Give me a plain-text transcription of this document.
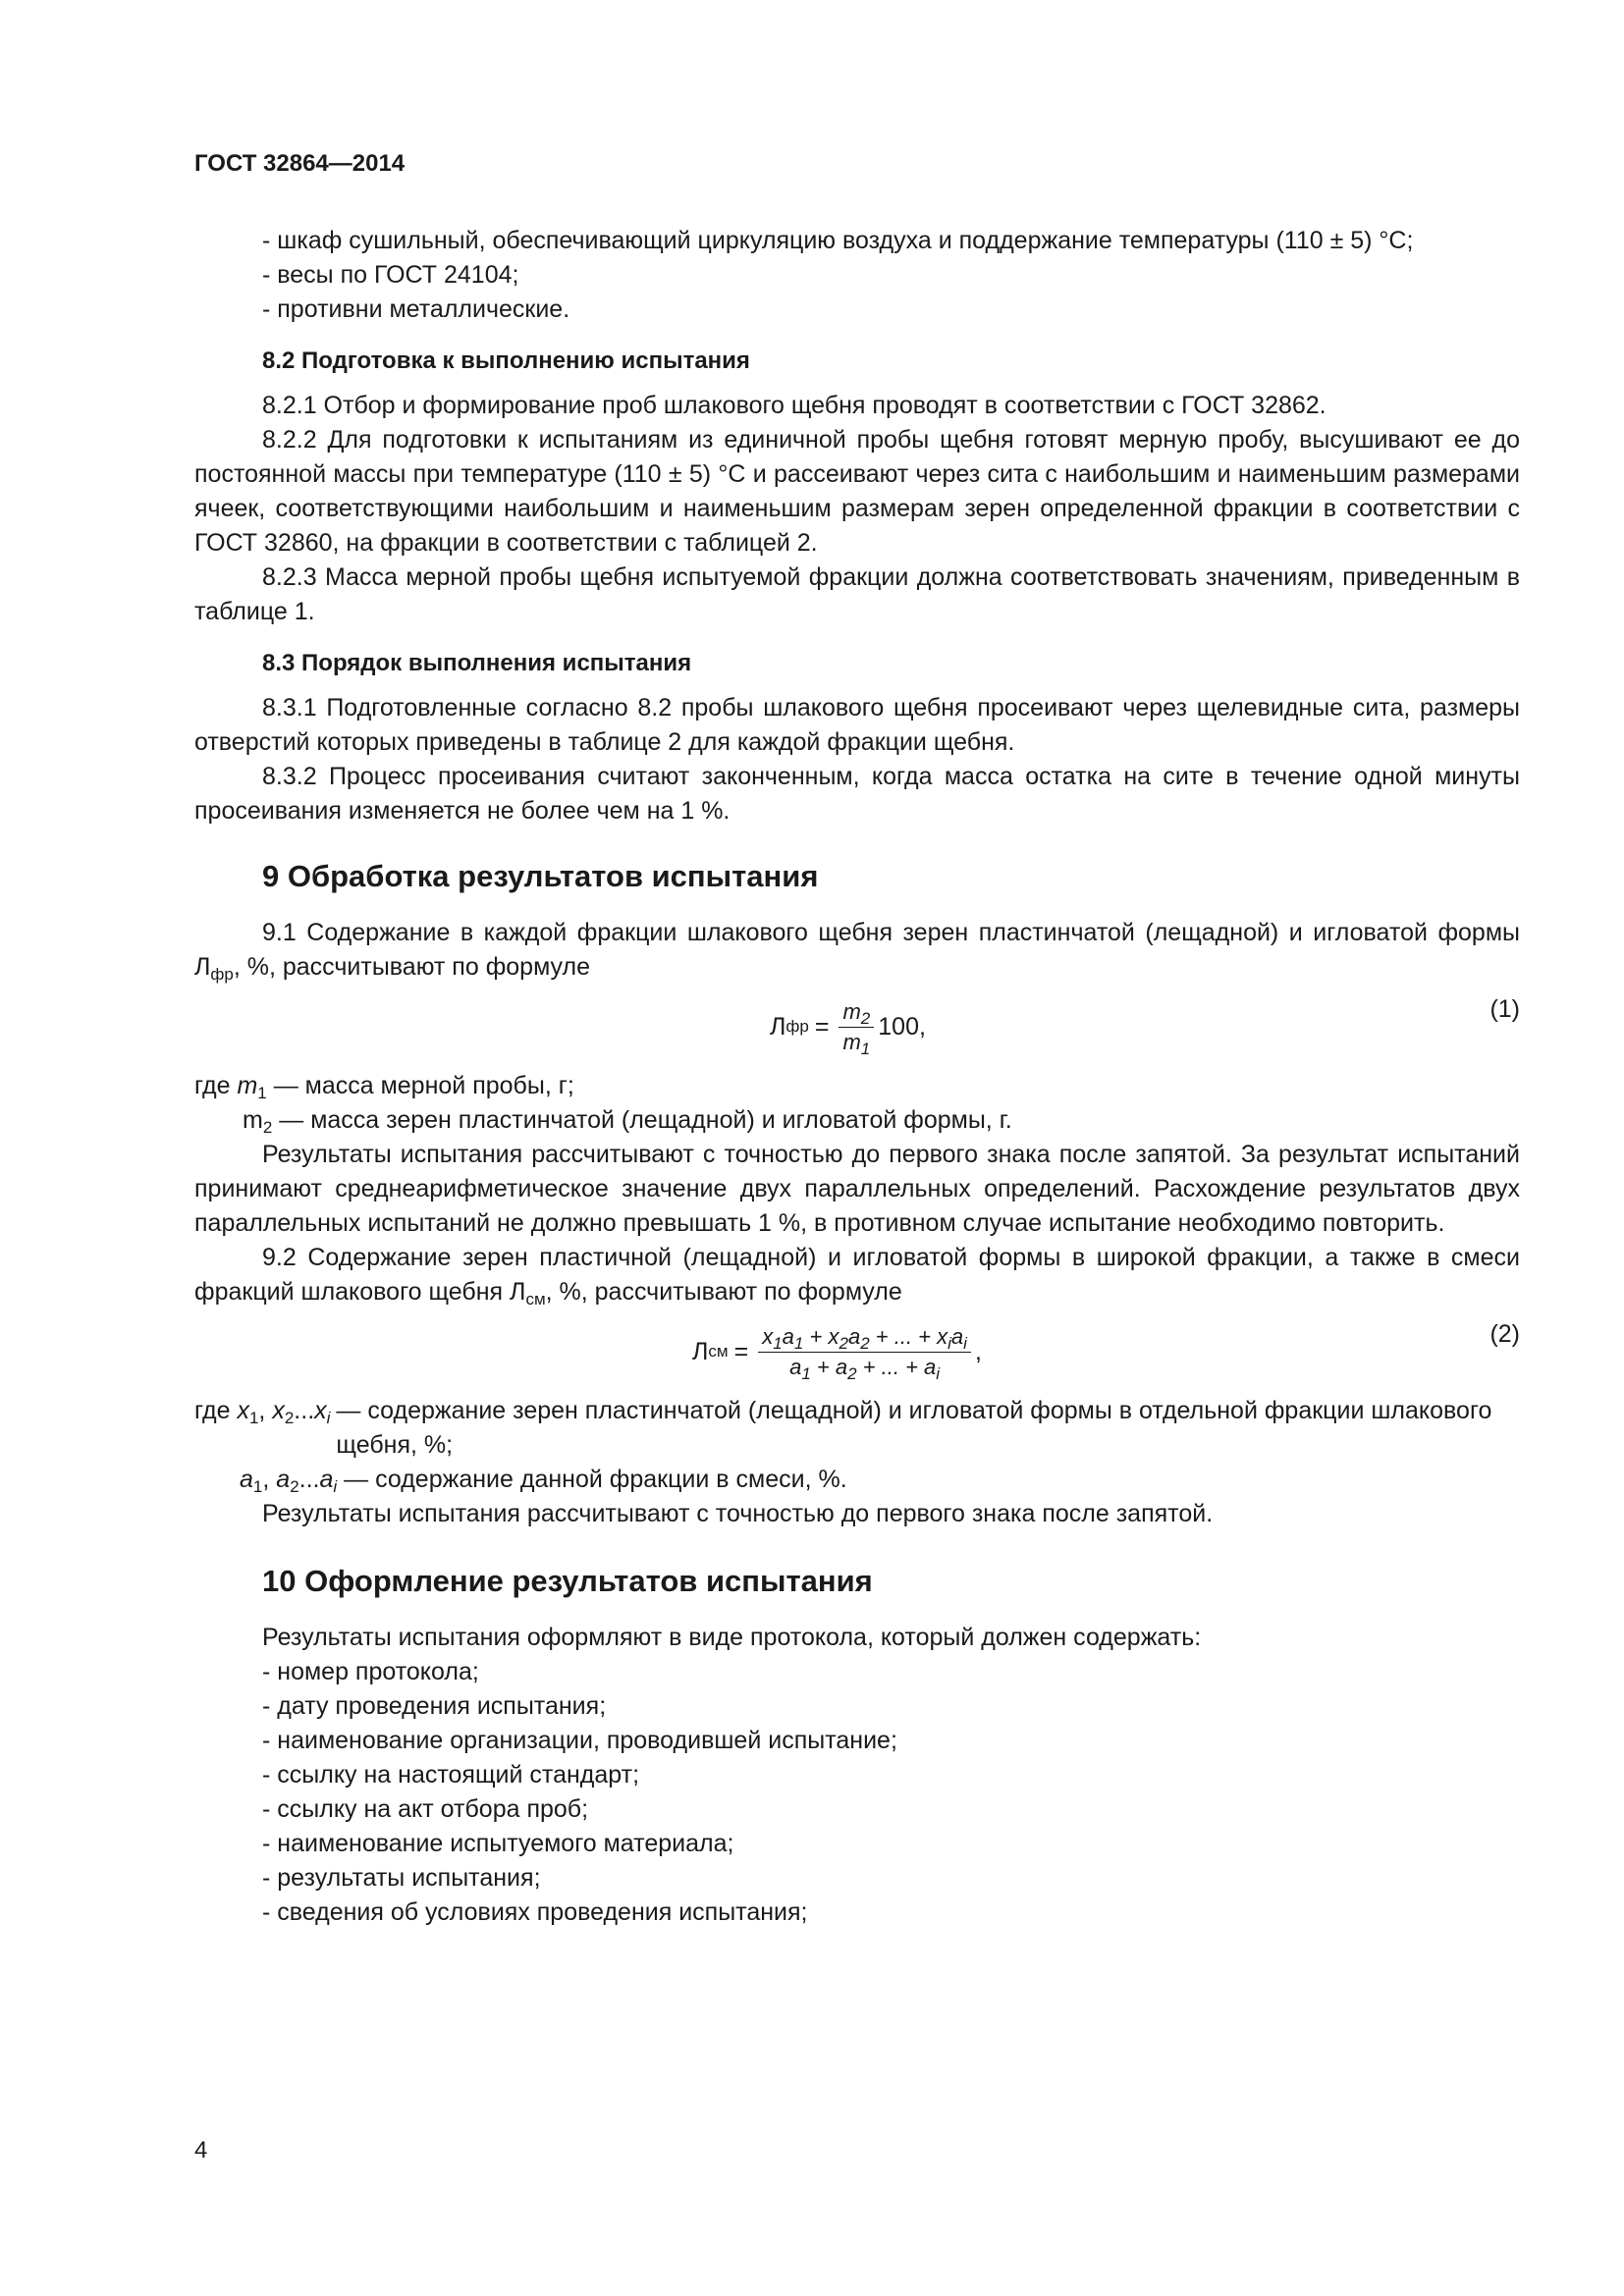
ГОСТ 32864—2014

- шкаф сушильный, обеспечивающий циркуляцию воздуха и поддержание температуры (110 ± 5) °С;

- весы по ГОСТ 24104;

- противни металлические.

8.2 Подготовка к выполнению испытания

8.2.1 Отбор и формирование проб шлакового щебня проводят в соответствии с ГОСТ 32862.

8.2.2 Для подготовки к испытаниям из единичной пробы щебня готовят мерную пробу, высушивают ее до постоянной массы при температуре (110 ± 5) °С и рассеивают через сита с наибольшим и наименьшим размерами ячеек, соответствующими наибольшим и наименьшим размерам зерен определенной фракции в соответствии с ГОСТ 32860, на фракции в соответствии с таблицей 2.

8.2.3 Масса мерной пробы щебня испытуемой фракции должна соответствовать значениям, приведенным в таблице 1.

8.3 Порядок выполнения испытания

8.3.1 Подготовленные согласно 8.2 пробы шлакового щебня просеивают через щелевидные сита, размеры отверстий которых приведены в таблице 2 для каждой фракции щебня.

8.3.2 Процесс просеивания считают законченным, когда масса остатка на сите в течение одной минуты просеивания изменяется не более чем на 1 %.

9 Обработка результатов испытания

9.1 Содержание в каждой фракции шлакового щебня зерен пластинчатой (лещадной) и игловатой формы $Л_{фр}$, %, рассчитывают по формуле

Л фр = $\frac{m_2}{m_1} 100$,
(1)

где $m_1$ — масса мерной пробы, г;

$m_2$ — масса зерен пластинчатой (лещадной) и игловатой формы, г.

Результаты испытания рассчитывают с точностью до первого знака после запятой. За результат испытаний принимают среднеарифметическое значение двух параллельных определений. Расхождение результатов двух параллельных испытаний не должно превышать 1 %, в противном случае испытание необходимо повторить.

9.2 Содержание зерен пластичной (лещадной) и игловатой формы в широкой фракции, а также в смеси фракций шлакового щебня $Л_{см}$, %, рассчитывают по формуле

Л см = $\frac{x_1a_1 + x_2a_2 + ... + x_ia_i}{a_1 + a_2 + ... + a_i}$ ,
(2)
где $x_1$, $x_2...x_i$ — содержание зерен пластинчатой (лещадной) и игловатой формы в отдельной фракции шлакового щебня, %;

$a_1$, $a_2...a_i$ — содержание данной фракции в смеси, %.

Результаты испытания рассчитывают с точностью до первого знака после запятой.

10 Оформление результатов испытания

Результаты испытания оформляют в виде протокола, который должен содержать:

- номер протокола;

- дату проведения испытания;

- наименование организации, проводившей испытание;

- ссылку на настоящий стандарт;

- ссылку на акт отбора проб;

- наименование испытуемого материала;

- результаты испытания;

- сведения об условиях проведения испытания;

4
